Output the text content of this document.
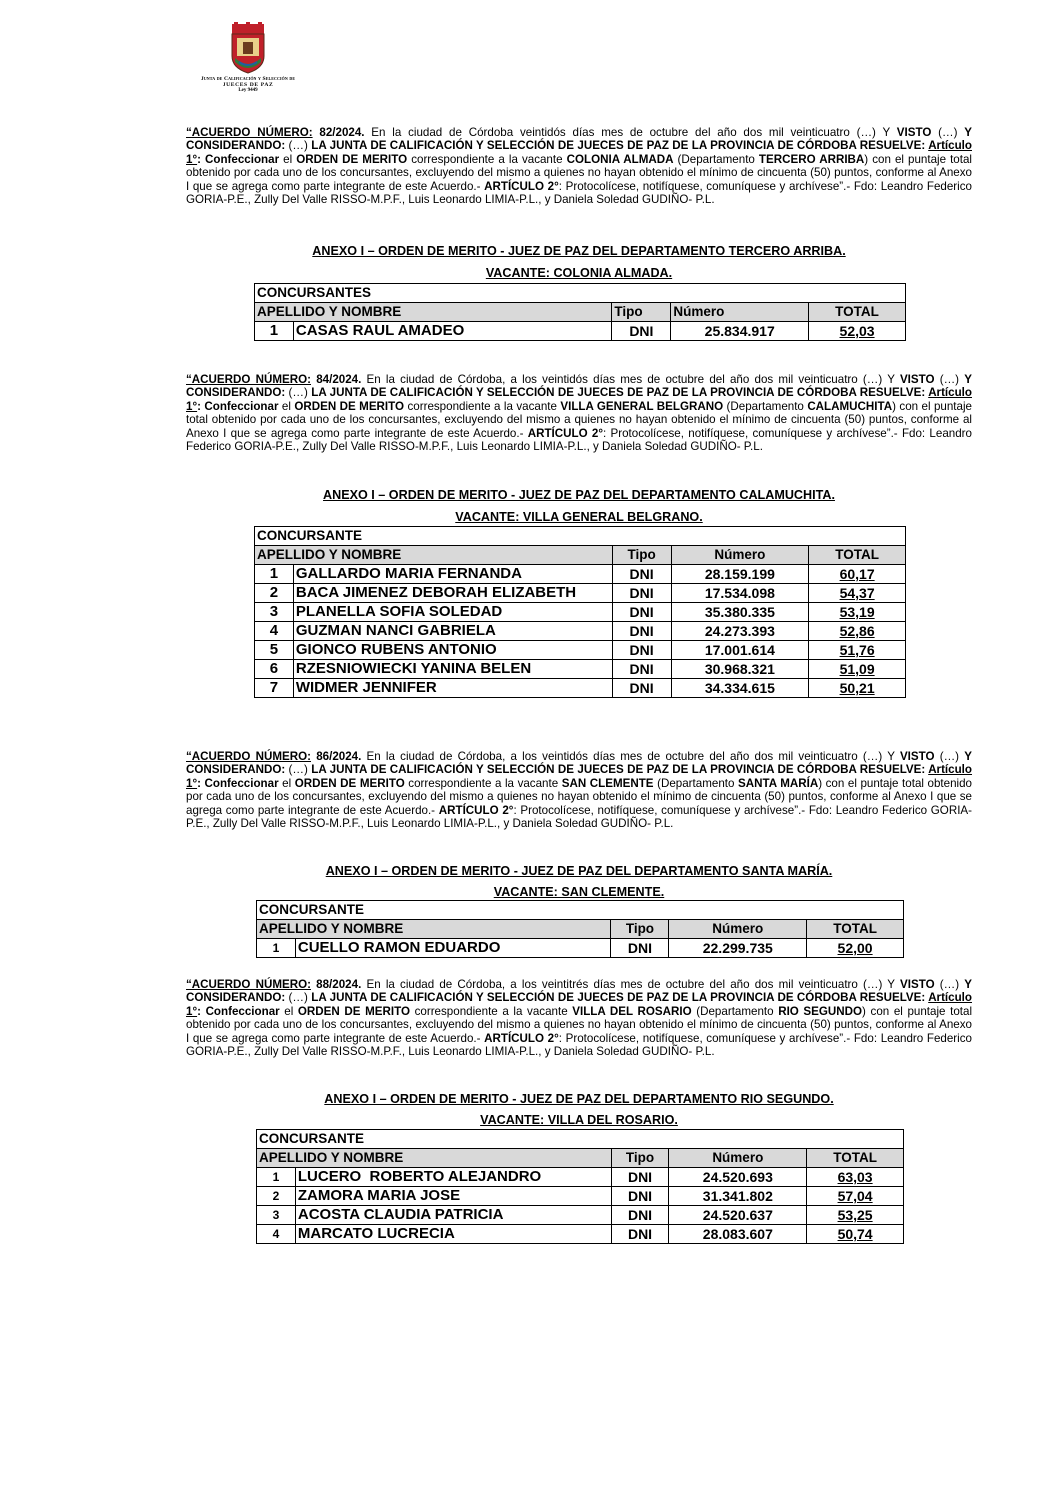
Junta de Calificación y Selección de
JUECES DE PAZ
Ley 9449
“ACUERDO NÚMERO: 82/2024. En la ciudad de Córdoba veintidós días mes de octubre del año dos mil veinticuatro (…) Y VISTO (…) Y CONSIDERANDO: (…) LA JUNTA DE CALIFICACIÓN Y SELECCIÓN DE JUECES DE PAZ DE LA PROVINCIA DE CÓRDOBA RESUELVE: Artículo 1°: Confeccionar el ORDEN DE MERITO correspondiente a la vacante COLONIA ALMADA (Departamento TERCERO ARRIBA) con el puntaje total obtenido por cada uno de los concursantes, excluyendo del mismo a quienes no hayan obtenido el mínimo de cincuenta (50) puntos, conforme al Anexo I que se agrega como parte integrante de este Acuerdo.- ARTÍCULO 2°: Protocolícese, notifíquese, comuníquese y archívese”.- Fdo: Leandro Federico GORIA-P.E., Zully Del Valle RISSO-M.P.F., Luis Leonardo LIMIA-P.L., y Daniela Soledad GUDIÑO- P.L.
ANEXO I – ORDEN DE MERITO - JUEZ DE PAZ DEL DEPARTAMENTO TERCERO ARRIBA.
VACANTE: COLONIA ALMADA.
CONCURSANTES				
APELLIDO Y NOMBRE		Tipo	Número	TOTAL
1	CASAS RAUL AMADEO	DNI	25.834.917	52,03
“ACUERDO NÚMERO: 84/2024. En la ciudad de Córdoba, a los veintidós días mes de octubre del año dos mil veinticuatro (…) Y VISTO (…) Y CONSIDERANDO: (…) LA JUNTA DE CALIFICACIÓN Y SELECCIÓN DE JUECES DE PAZ DE LA PROVINCIA DE CÓRDOBA RESUELVE: Artículo 1°: Confeccionar el ORDEN DE MERITO correspondiente a la vacante VILLA GENERAL BELGRANO (Departamento CALAMUCHITA) con el puntaje total obtenido por cada uno de los concursantes, excluyendo del mismo a quienes no hayan obtenido el mínimo de cincuenta (50) puntos, conforme al Anexo I que se agrega como parte integrante de este Acuerdo.- ARTÍCULO 2°: Protocolícese, notifíquese, comuníquese y archívese”.- Fdo: Leandro Federico GORIA-P.E., Zully Del Valle RISSO-M.P.F., Luis Leonardo LIMIA-P.L., y Daniela Soledad GUDIÑO- P.L.
ANEXO I – ORDEN DE MERITO - JUEZ DE PAZ DEL DEPARTAMENTO CALAMUCHITA.
VACANTE: VILLA GENERAL BELGRANO.
CONCURSANTE				
APELLIDO Y NOMBRE		Tipo	Número	TOTAL
1	GALLARDO MARIA FERNANDA	DNI	28.159.199	60,17
2	BACA JIMENEZ DEBORAH ELIZABETH	DNI	17.534.098	54,37
3	PLANELLA SOFIA SOLEDAD	DNI	35.380.335	53,19
4	GUZMAN NANCI GABRIELA	DNI	24.273.393	52,86
5	GIONCO RUBENS ANTONIO	DNI	17.001.614	51,76
6	RZESNIOWIECKI YANINA BELEN	DNI	30.968.321	51,09
7	WIDMER JENNIFER	DNI	34.334.615	50,21
“ACUERDO NÚMERO: 86/2024. En la ciudad de Córdoba, a los veintidós días mes de octubre del año dos mil veinticuatro (…) Y VISTO (…) Y CONSIDERANDO: (…) LA JUNTA DE CALIFICACIÓN Y SELECCIÓN DE JUECES DE PAZ DE LA PROVINCIA DE CÓRDOBA RESUELVE: Artículo 1°: Confeccionar el ORDEN DE MERITO correspondiente a la vacante SAN CLEMENTE (Departamento SANTA MARÍA) con el puntaje total obtenido por cada uno de los concursantes, excluyendo del mismo a quienes no hayan obtenido el mínimo de cincuenta (50) puntos, conforme al Anexo I que se agrega como parte integrante de este Acuerdo.- ARTÍCULO 2°: Protocolícese, notifíquese, comuníquese y archívese”.- Fdo: Leandro Federico GORIA-P.E., Zully Del Valle RISSO-M.P.F., Luis Leonardo LIMIA-P.L., y Daniela Soledad GUDIÑO- P.L.
ANEXO I – ORDEN DE MERITO - JUEZ DE PAZ DEL DEPARTAMENTO SANTA MARÍA.
VACANTE: SAN CLEMENTE.
CONCURSANTE				
APELLIDO Y NOMBRE		Tipo	Número	TOTAL
1	CUELLO RAMON EDUARDO	DNI	22.299.735	52,00
“ACUERDO NÚMERO: 88/2024. En la ciudad de Córdoba, a los veintitrés días mes de octubre del año dos mil veinticuatro (…) Y VISTO (…) Y CONSIDERANDO: (…) LA JUNTA DE CALIFICACIÓN Y SELECCIÓN DE JUECES DE PAZ DE LA PROVINCIA DE CÓRDOBA RESUELVE: Artículo 1°: Confeccionar el ORDEN DE MERITO correspondiente a la vacante VILLA DEL ROSARIO (Departamento RIO SEGUNDO) con el puntaje total obtenido por cada uno de los concursantes, excluyendo del mismo a quienes no hayan obtenido el mínimo de cincuenta (50) puntos, conforme al Anexo I que se agrega como parte integrante de este Acuerdo.- ARTÍCULO 2°: Protocolícese, notifíquese, comuníquese y archívese”.- Fdo: Leandro Federico GORIA-P.E., Zully Del Valle RISSO-M.P.F., Luis Leonardo LIMIA-P.L., y Daniela Soledad GUDIÑO- P.L.
ANEXO I – ORDEN DE MERITO - JUEZ DE PAZ DEL DEPARTAMENTO RIO SEGUNDO.
VACANTE: VILLA DEL ROSARIO.
CONCURSANTE				
APELLIDO Y NOMBRE		Tipo	Número	TOTAL
1	LUCERO  ROBERTO ALEJANDRO	DNI	24.520.693	63,03
2	ZAMORA MARIA JOSE	DNI	31.341.802	57,04
3	ACOSTA CLAUDIA PATRICIA	DNI	24.520.637	53,25
4	MARCATO LUCRECIA	DNI	28.083.607	50,74
